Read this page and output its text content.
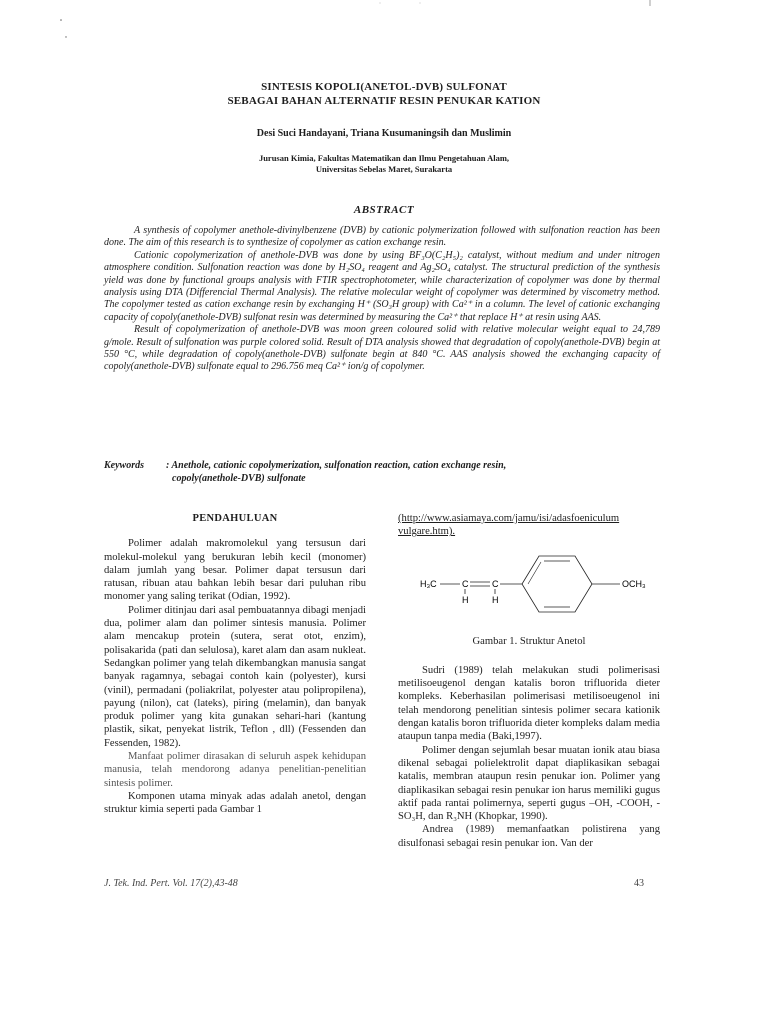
SINTESIS KOPOLI(ANETOL-DVB) SULFONAT
SEBAGAI BAHAN ALTERNATIF RESIN PENUKAR KATION
Desi Suci Handayani, Triana Kusumaningsih dan Muslimin
Jurusan Kimia, Fakultas Matematikan dan Ilmu Pengetahuan Alam,
Universitas Sebelas Maret, Surakarta
ABSTRACT

A synthesis of copolymer anethole-divinylbenzene (DVB) by cationic polymerization followed with sulfonation reaction has been done. The aim of this research is to synthesize of copolymer as cation exchange resin.

Cationic copolymerization of anethole-DVB was done by using BF₃O(C₂H₅)₂ catalyst, without medium and under nitrogen atmosphere condition. Sulfonation reaction was done by H₂SO₄ reagent and Ag₂SO₄ catalyst. The structural prediction of the synthesis yield was done by functional groups analysis with FTIR spectrophotometer, while characterization of copolymer was done by thermal analysis using DTA (Differencial Thermal Analysis). The relative molecular weight of copolymer was determined by viscometry method. The copolymer tested as cation exchange resin by exchanging H⁺ (SO₃H group) with Ca²⁺ in a column. The level of cationic exchanging capacity of copoly(anethole-DVB) sulfonat resin was determined by measuring the Ca²⁺ that replace H⁺ at resin using AAS.

Result of copolymerization of anethole-DVB was moon green coloured solid with relative molecular weight equal to 24,789 g/mole. Result of sulfonation was purple colored solid. Result of DTA analysis showed that degradation of copoly(anethole-DVB) begin at 550 °C, while degradation of copoly(anethole-DVB) sulfonate begin at 840 °C. AAS analysis showed the exchanging capacity of copoly(anethole-DVB) sulfonate equal to 296.756 meq Ca²⁺ ion/g of copolymer.

Keywords : Anethole, cationic copolymerization, sulfonation reaction, cation exchange resin,
copoly(anethole-DVB) sulfonate
PENDAHULUAN

Polimer adalah makromolekul yang tersusun dari molekul-molekul yang berukuran lebih kecil (monomer) dalam jumlah yang besar. Polimer dapat tersusun dari ratusan, ribuan atau bahkan lebih besar dari puluhan ribu monomer yang saling terikat (Odian, 1992).

Polimer ditinjau dari asal pembuatannya dibagi menjadi dua, polimer alam dan polimer sintesis manusia. Polimer alam mencakup protein (sutera, serat otot, enzim), polisakarida (pati dan selulosa), karet alam dan asam nukleat. Sedangkan polimer yang telah dikembangkan manusia sangat banyak ragamnya, sebagai contoh kain (polyester), kursi (vinil), permadani (poliakrilat, polyester atau polipropilena), payung (nilon), cat (lateks), piring (melamin), dan banyak produk polimer yang kita gunakan sehari-hari (kantung plastik, sikat, penyekat listrik, Teflon , dll) (Fessenden dan Fessenden, 1982).

Manfaat polimer dirasakan di seluruh aspek kehidupan manusia, telah mendorong adanya penelitian-penelitian sintesis polimer.

Komponen utama minyak adas adalah anetol, dengan struktur kimia seperti pada Gambar 1

(http://www.asiamaya.com/jamu/isi/adasfoeniculum vulgare.htm).

H₃C	C	C
H	H
OCH₃

Gambar 1. Struktur Anetol

Sudri (1989) telah melakukan studi polimerisasi metilisoeugenol dengan katalis boron trifluorida dieter kompleks. Keberhasilan polimerisasi metilisoeugenol ini telah mendorong penelitian sintesis polimer secara kationik dengan katalis boron trifluorida dieter kompleks dalam media ataupun tanpa media (Baki,1997).

Polimer dengan sejumlah besar muatan ionik atau biasa dikenal sebagai polielektrolit dapat diaplikasikan sebagai katalis, membran ataupun resin penukar ion. Polimer yang diaplikasikan sebagai resin penukar ion harus memiliki gugus aktif pada rantai polimernya, seperti gugus –OH, -COOH, -SO₃H, dan R₃NH (Khopkar, 1990).

Andrea (1989) memanfaatkan polistirena yang disulfonasi sebagai resin penukar ion. Van der

J. Tek. Ind. Pert. Vol. 17(2),43-48	43
